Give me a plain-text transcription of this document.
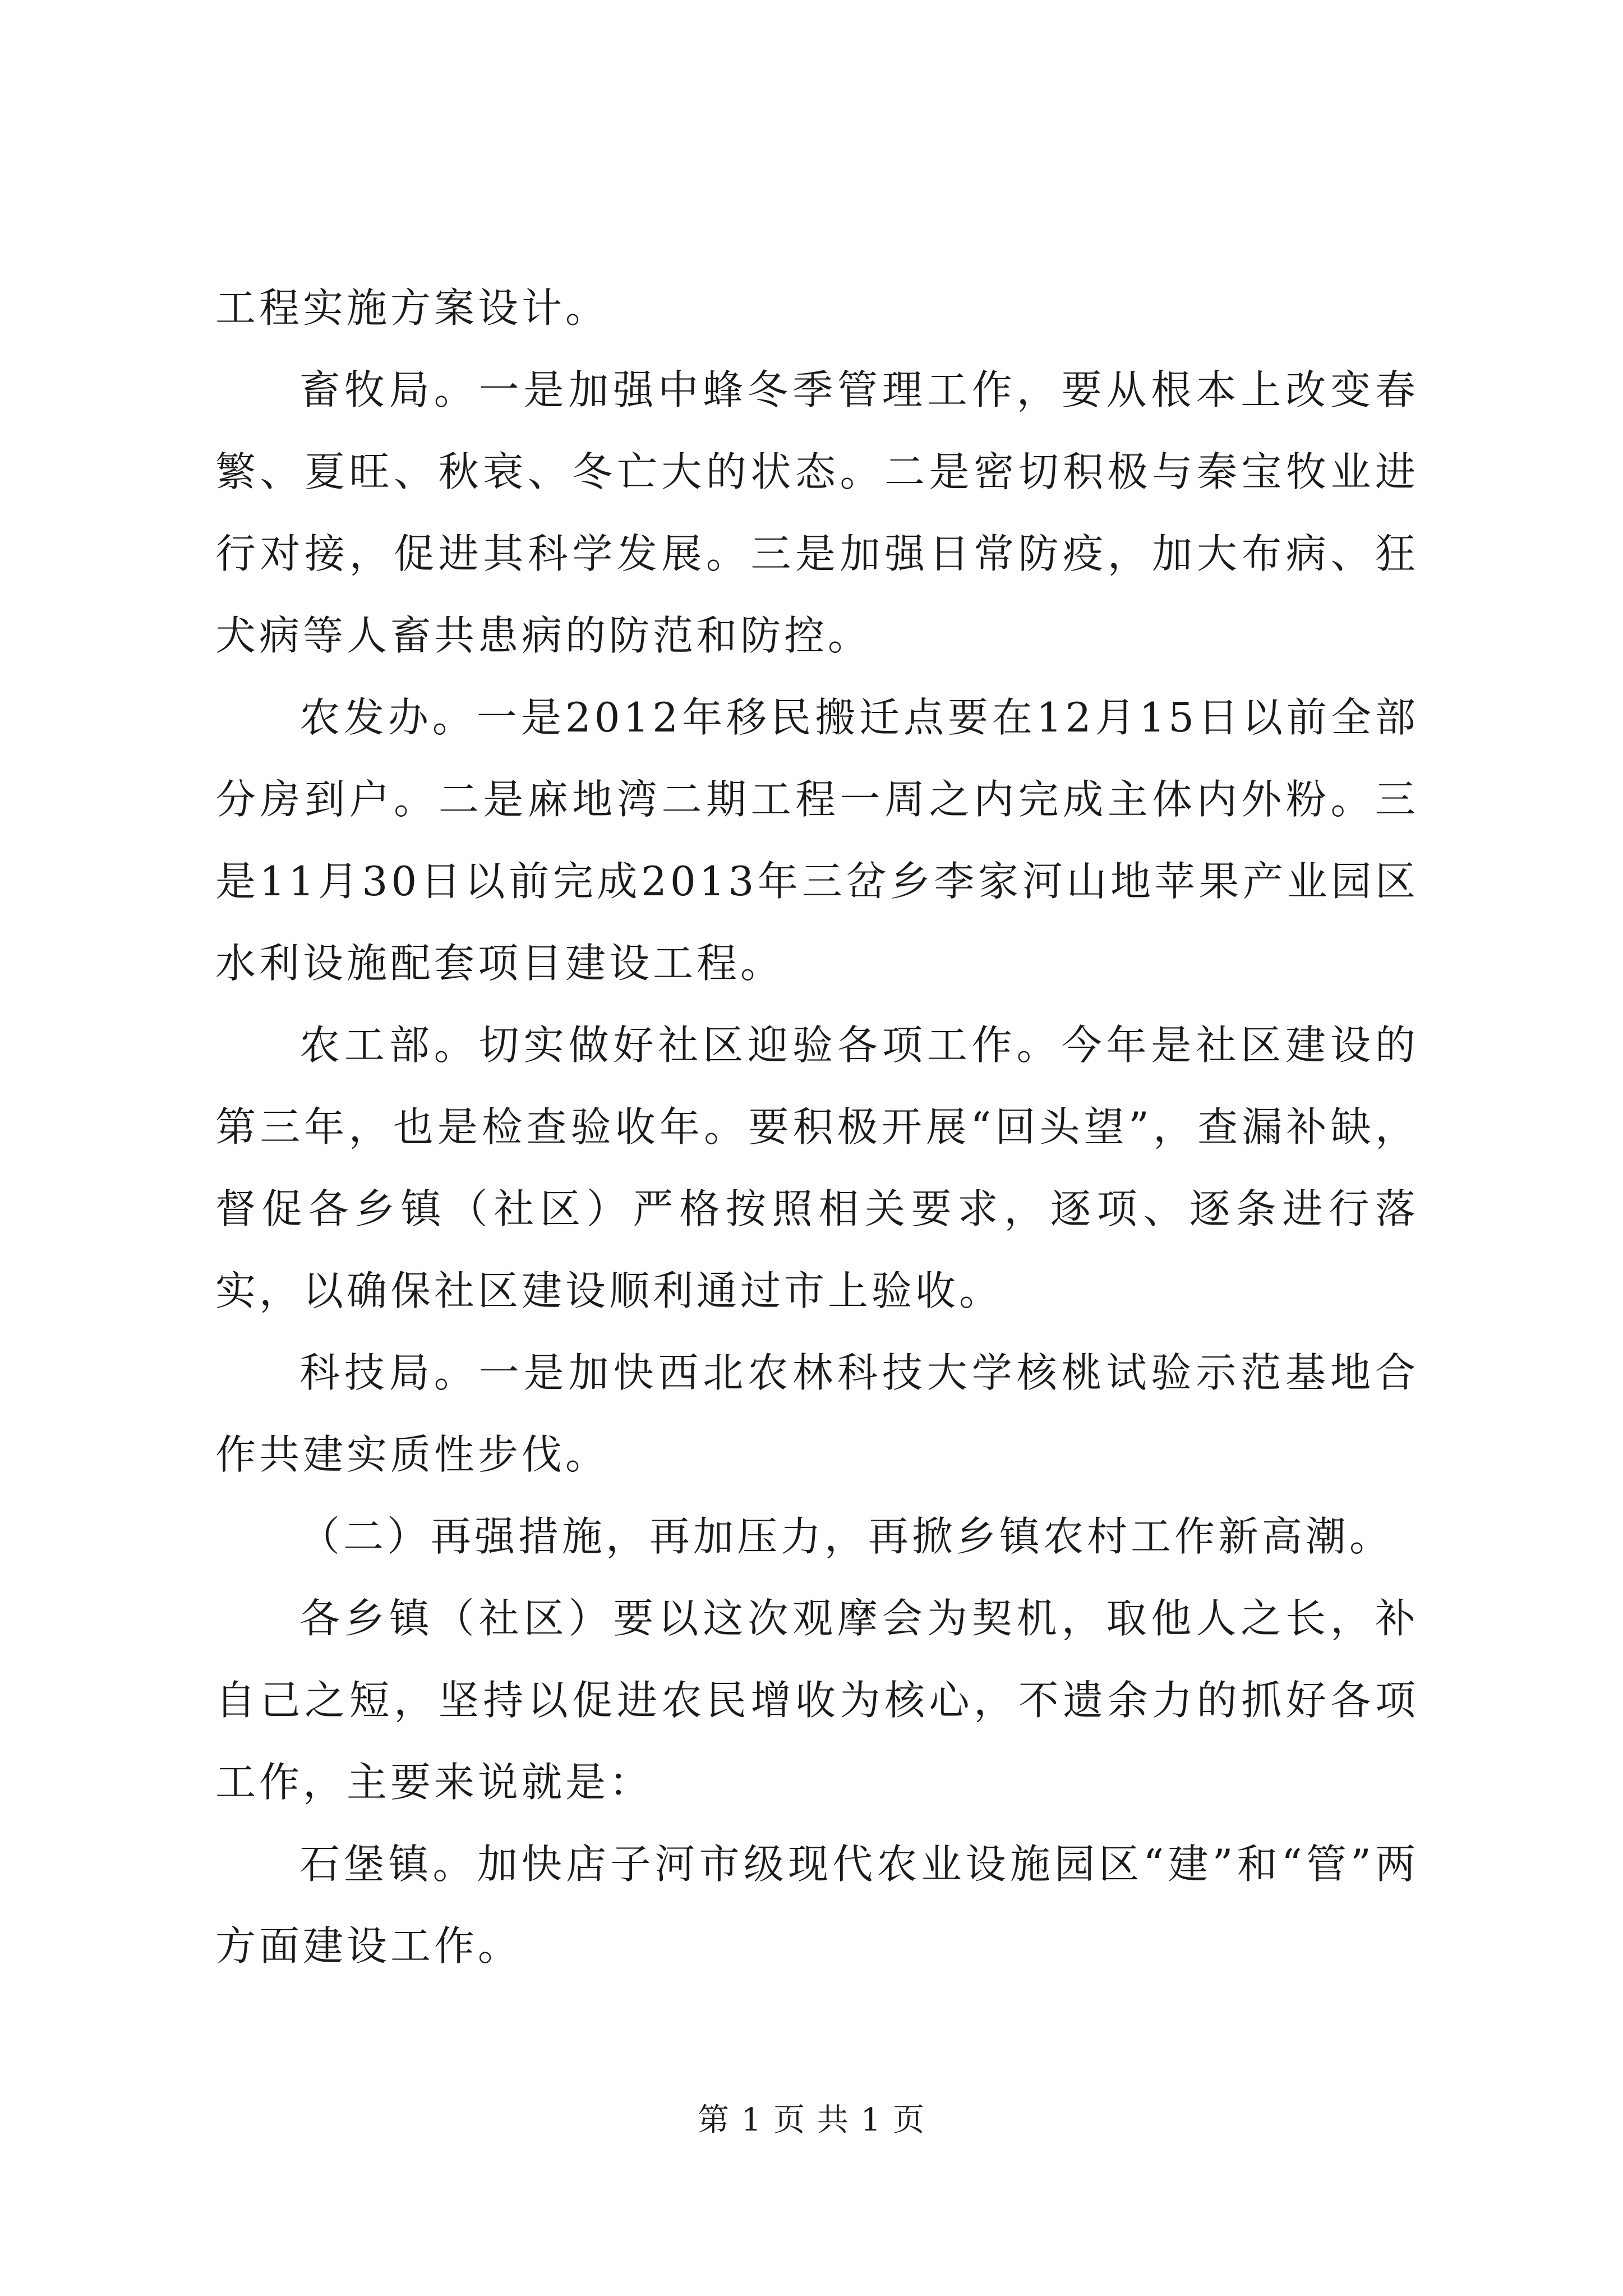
工程实施方案设计。

畜牧局。一是加强中蜂冬季管理工作，要从根本上改变春繁、夏旺、秋衰、冬亡大的状态。二是密切积极与秦宝牧业进行对接，促进其科学发展。三是加强日常防疫，加大布病、狂犬病等人畜共患病的防范和防控。

农发办。一是2012年移民搬迁点要在12月15日以前全部分房到户。二是麻地湾二期工程一周之内完成主体内外粉。三是11月30日以前完成2013年三岔乡李家河山地苹果产业园区水利设施配套项目建设工程。

农工部。切实做好社区迎验各项工作。今年是社区建设的第三年，也是检查验收年。要积极开展“回头望”，查漏补缺，督促各乡镇（社区）严格按照相关要求，逐项、逐条进行落实，以确保社区建设顺利通过市上验收。

科技局。一是加快西北农林科技大学核桃试验示范基地合作共建实质性步伐。

（二）再强措施，再加压力，再掀乡镇农村工作新高潮。

各乡镇（社区）要以这次观摩会为契机，取他人之长，补自己之短，坚持以促进农民增收为核心，不遗余力的抓好各项工作，主要来说就是：

石堡镇。加快店子河市级现代农业设施园区“建”和“管”两方面建设工作。

第 1 页 共 1 页
